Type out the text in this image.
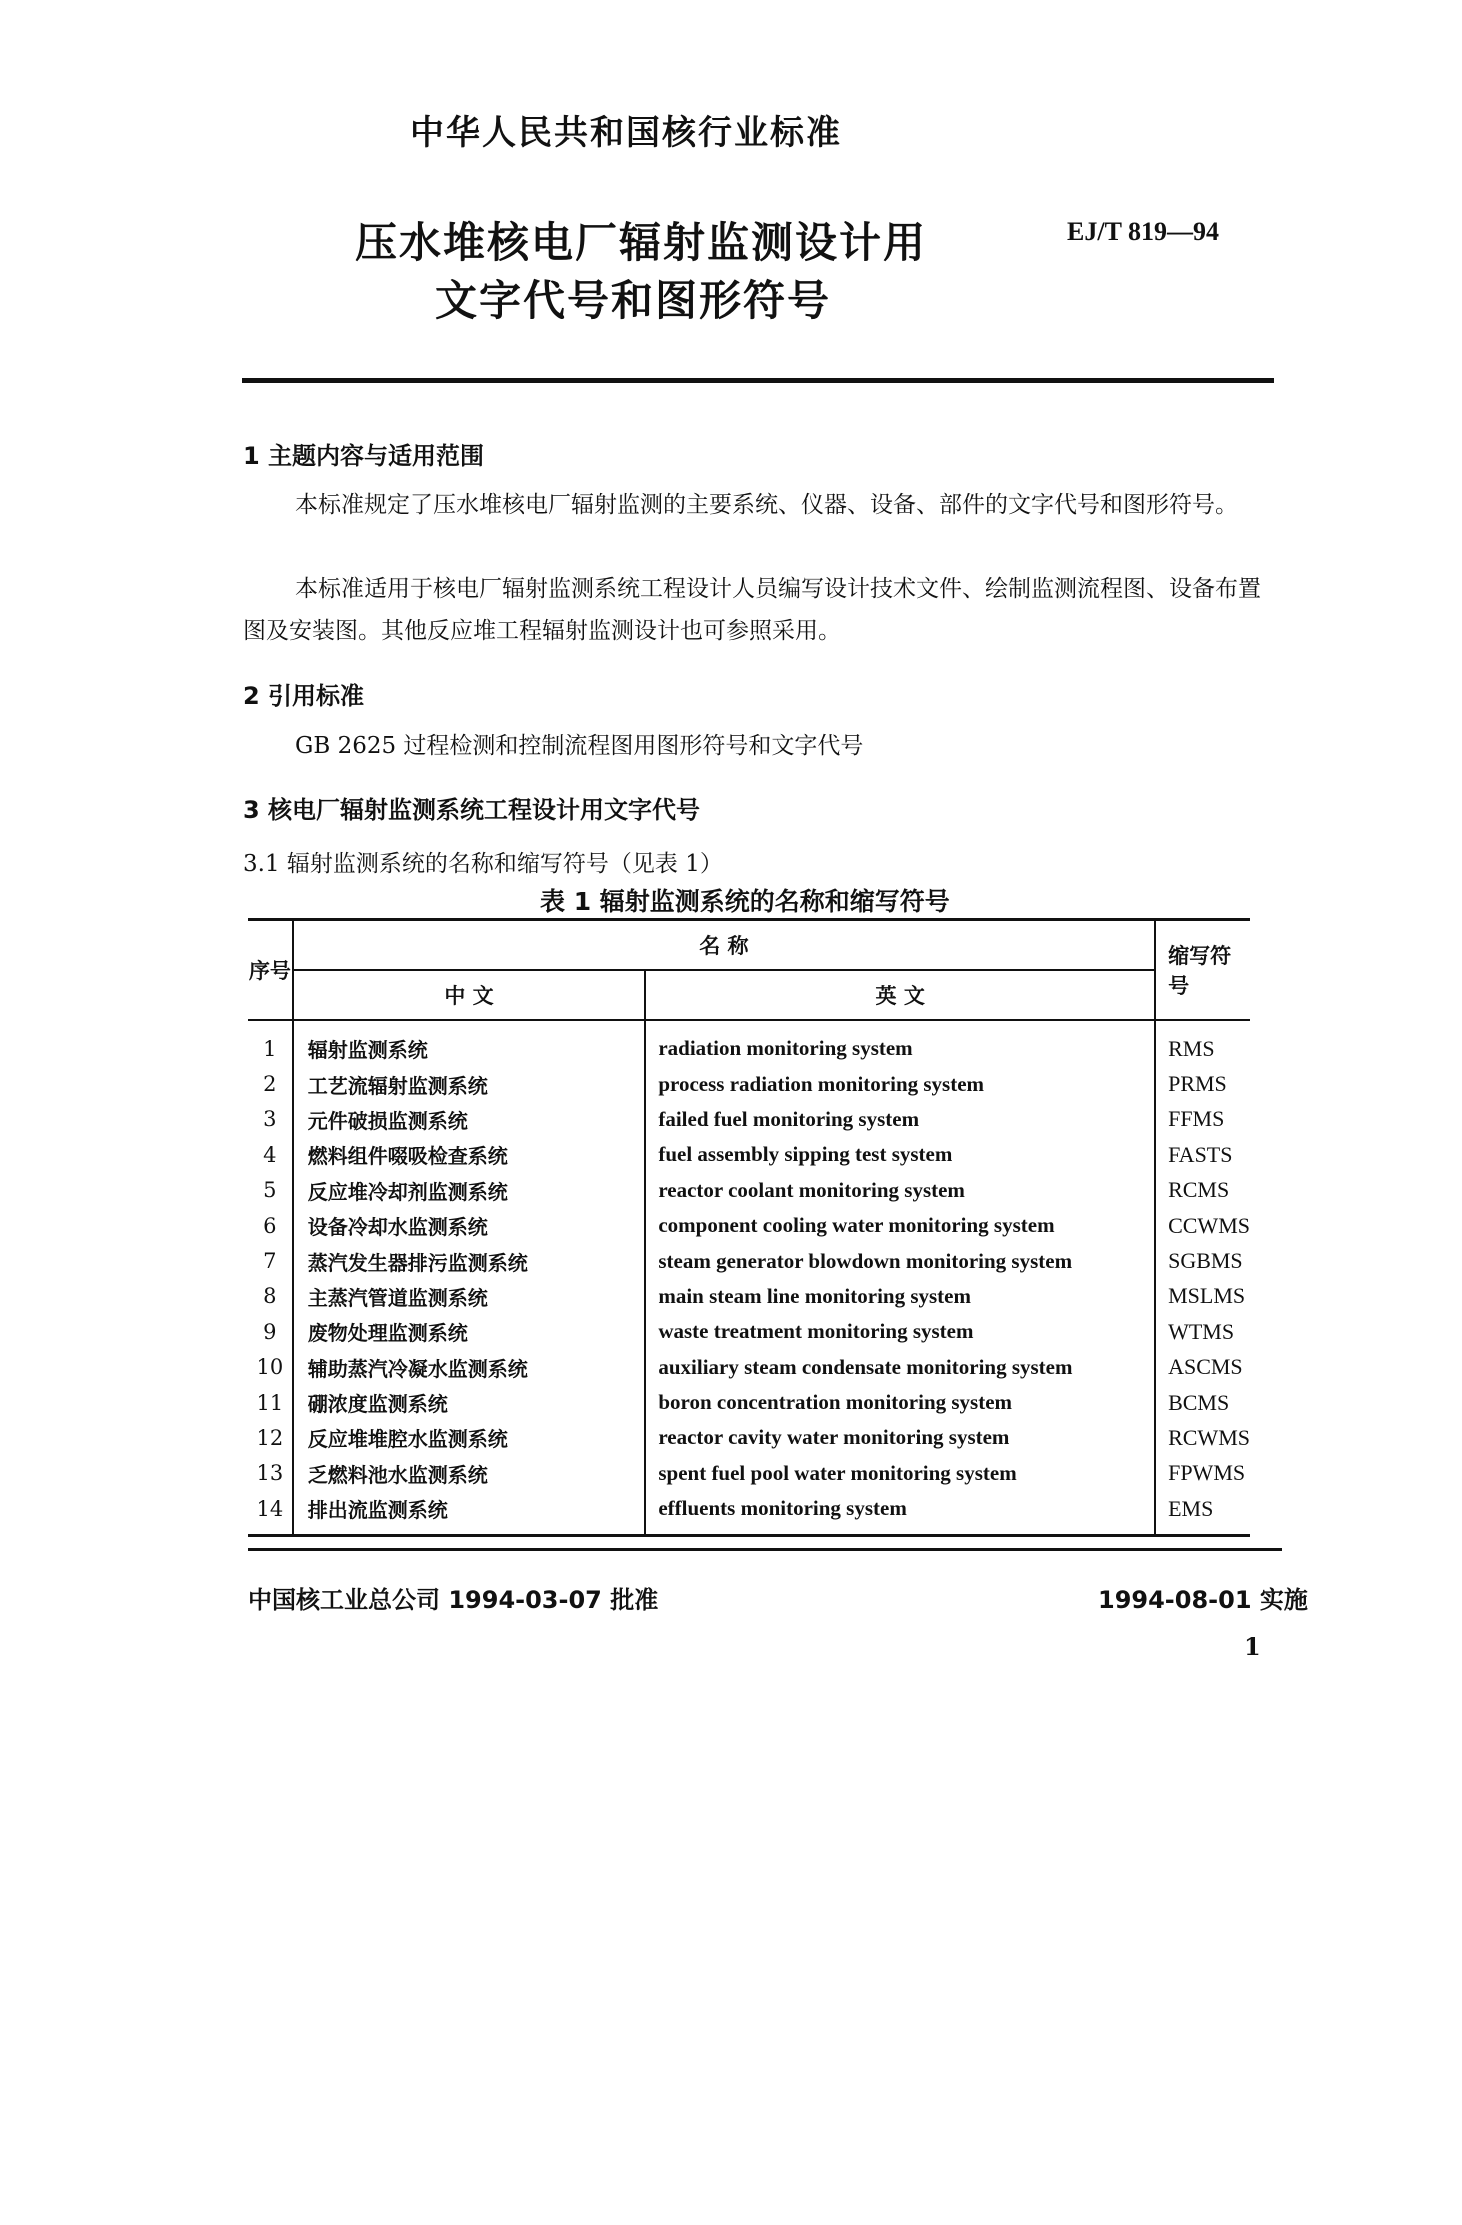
中华人民共和国核行业标准
压水堆核电厂辐射监测设计用
文字代号和图形符号
EJ/T 819—94
1 主题内容与适用范围
本标准规定了压水堆核电厂辐射监测的主要系统、仪器、设备、部件的文字代号和图形符号。
本标准适用于核电厂辐射监测系统工程设计人员编写设计技术文件、绘制监测流程图、设备布置图及安装图。其他反应堆工程辐射监测设计也可参照采用。
2 引用标准
GB 2625 过程检测和控制流程图用图形符号和文字代号
3 核电厂辐射监测系统工程设计用文字代号
3.1 辐射监测系统的名称和缩写符号（见表 1）
表 1 辐射监测系统的名称和缩写符号
序号	名 称		缩写符号
	中 文	英 文	
1	辐射监测系统	radiation monitoring system	RMS
2	工艺流辐射监测系统	process radiation monitoring system	PRMS
3	元件破损监测系统	failed fuel monitoring system	FFMS
4	燃料组件啜吸检查系统	fuel assembly sipping test system	FASTS
5	反应堆冷却剂监测系统	reactor coolant monitoring system	RCMS
6	设备冷却水监测系统	component cooling water monitoring system	CCWMS
7	蒸汽发生器排污监测系统	steam generator blowdown monitoring system	SGBMS
8	主蒸汽管道监测系统	main steam line monitoring system	MSLMS
9	废物处理监测系统	waste treatment monitoring system	WTMS
10	辅助蒸汽冷凝水监测系统	auxiliary steam condensate monitoring system	ASCMS
11	硼浓度监测系统	boron concentration monitoring system	BCMS
12	反应堆堆腔水监测系统	reactor cavity water monitoring system	RCWMS
13	乏燃料池水监测系统	spent fuel pool water monitoring system	FPWMS
14	排出流监测系统	effluents monitoring system	EMS
中国核工业总公司 1994-03-07 批准	1994-08-01 实施
1
